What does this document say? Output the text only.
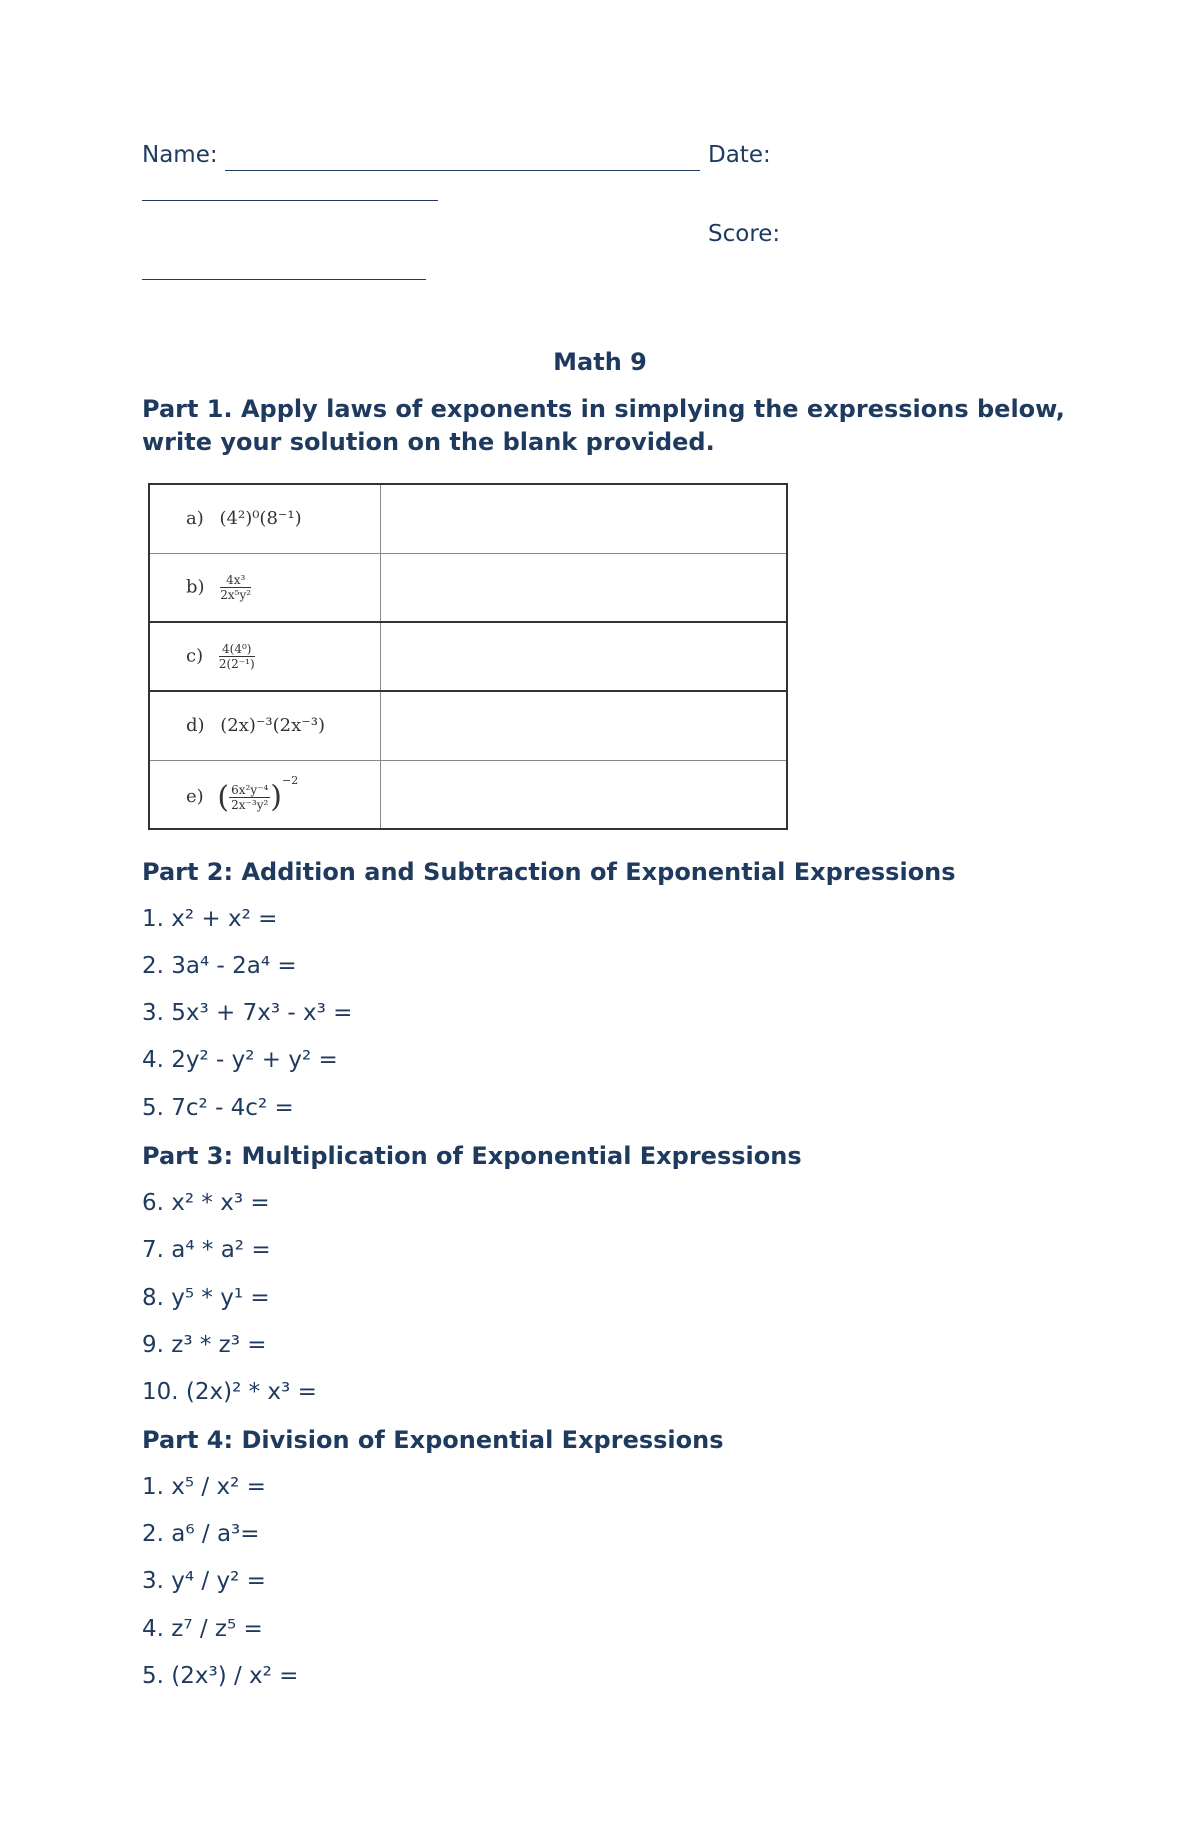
Name:	Date:
Score:
Math 9
Part 1. Apply laws of exponents in simplying the expressions below,
write your solution on the blank provided.
a) (4²)⁰(8⁻¹)	
$b) \frac{\text{4x³}}{\text{2x⁵y²}}$

$c) \frac{\text{4(4⁰)}}{\text{2(2⁻¹)}}$

d) (2x)⁻³(2x⁻³)	
e) ( $\frac{\text{6x²y⁻⁴}}{\text{2x⁻³y²}} )^{-2}$	
Part 2: Addition and Subtraction of Exponential Expressions
1. x² + x² =
2. 3a⁴ - 2a⁴ =
3. 5x³ + 7x³ - x³ =
4. 2y² - y² + y² =
5. 7c² - 4c² =
Part 3: Multiplication of Exponential Expressions
6. x² * x³ =
7. a⁴ * a² =
8. y⁵ * y¹ =
9. z³ * z³ =
10. (2x)² * x³ =
Part 4: Division of Exponential Expressions
1. x⁵ / x² =
2. a⁶ / a³=
3. y⁴ / y² =
4. z⁷ / z⁵ =
5. (2x³) / x² =
